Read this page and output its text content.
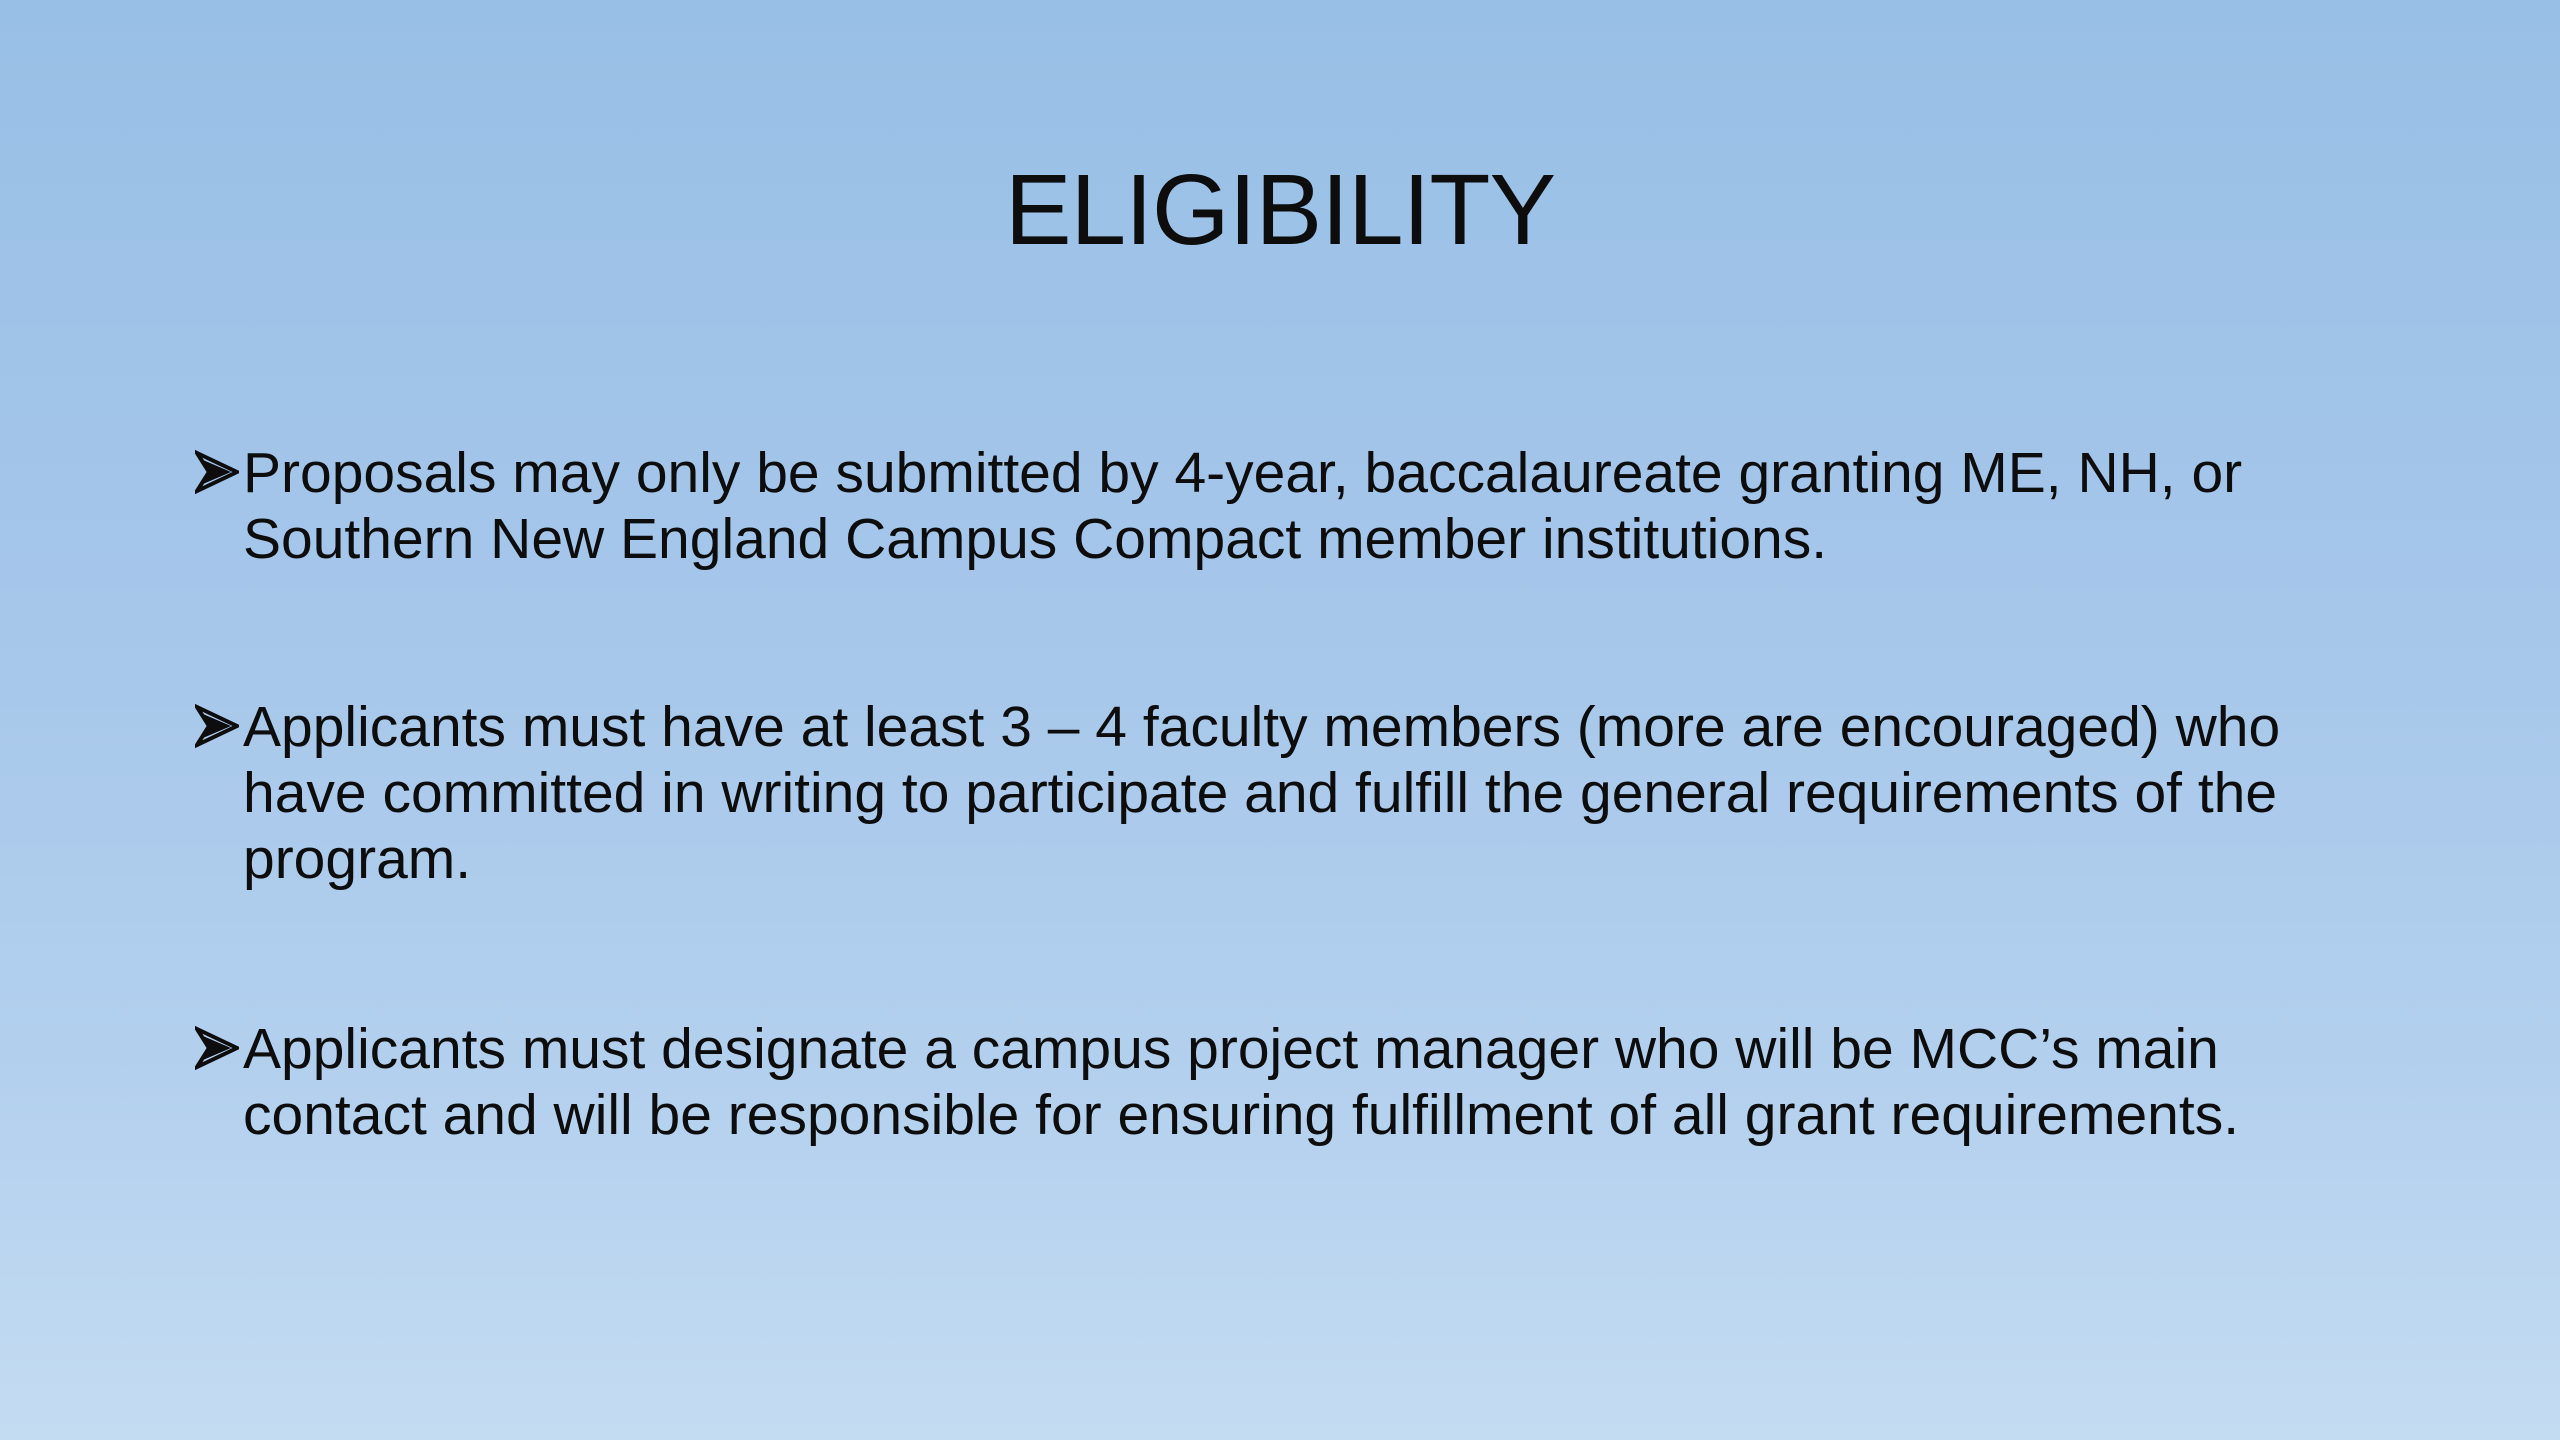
ELIGIBILITY
Proposals may only be submitted by 4-year, baccalaureate granting ME, NH, or Southern New England Campus Compact member institutions.
Applicants must have at least 3 – 4 faculty members (more are encouraged) who have committed in writing to participate and fulfill the general requirements of the program.
Applicants must designate a campus project manager who will be MCC’s main contact and will be responsible for ensuring fulfillment of all grant requirements.
